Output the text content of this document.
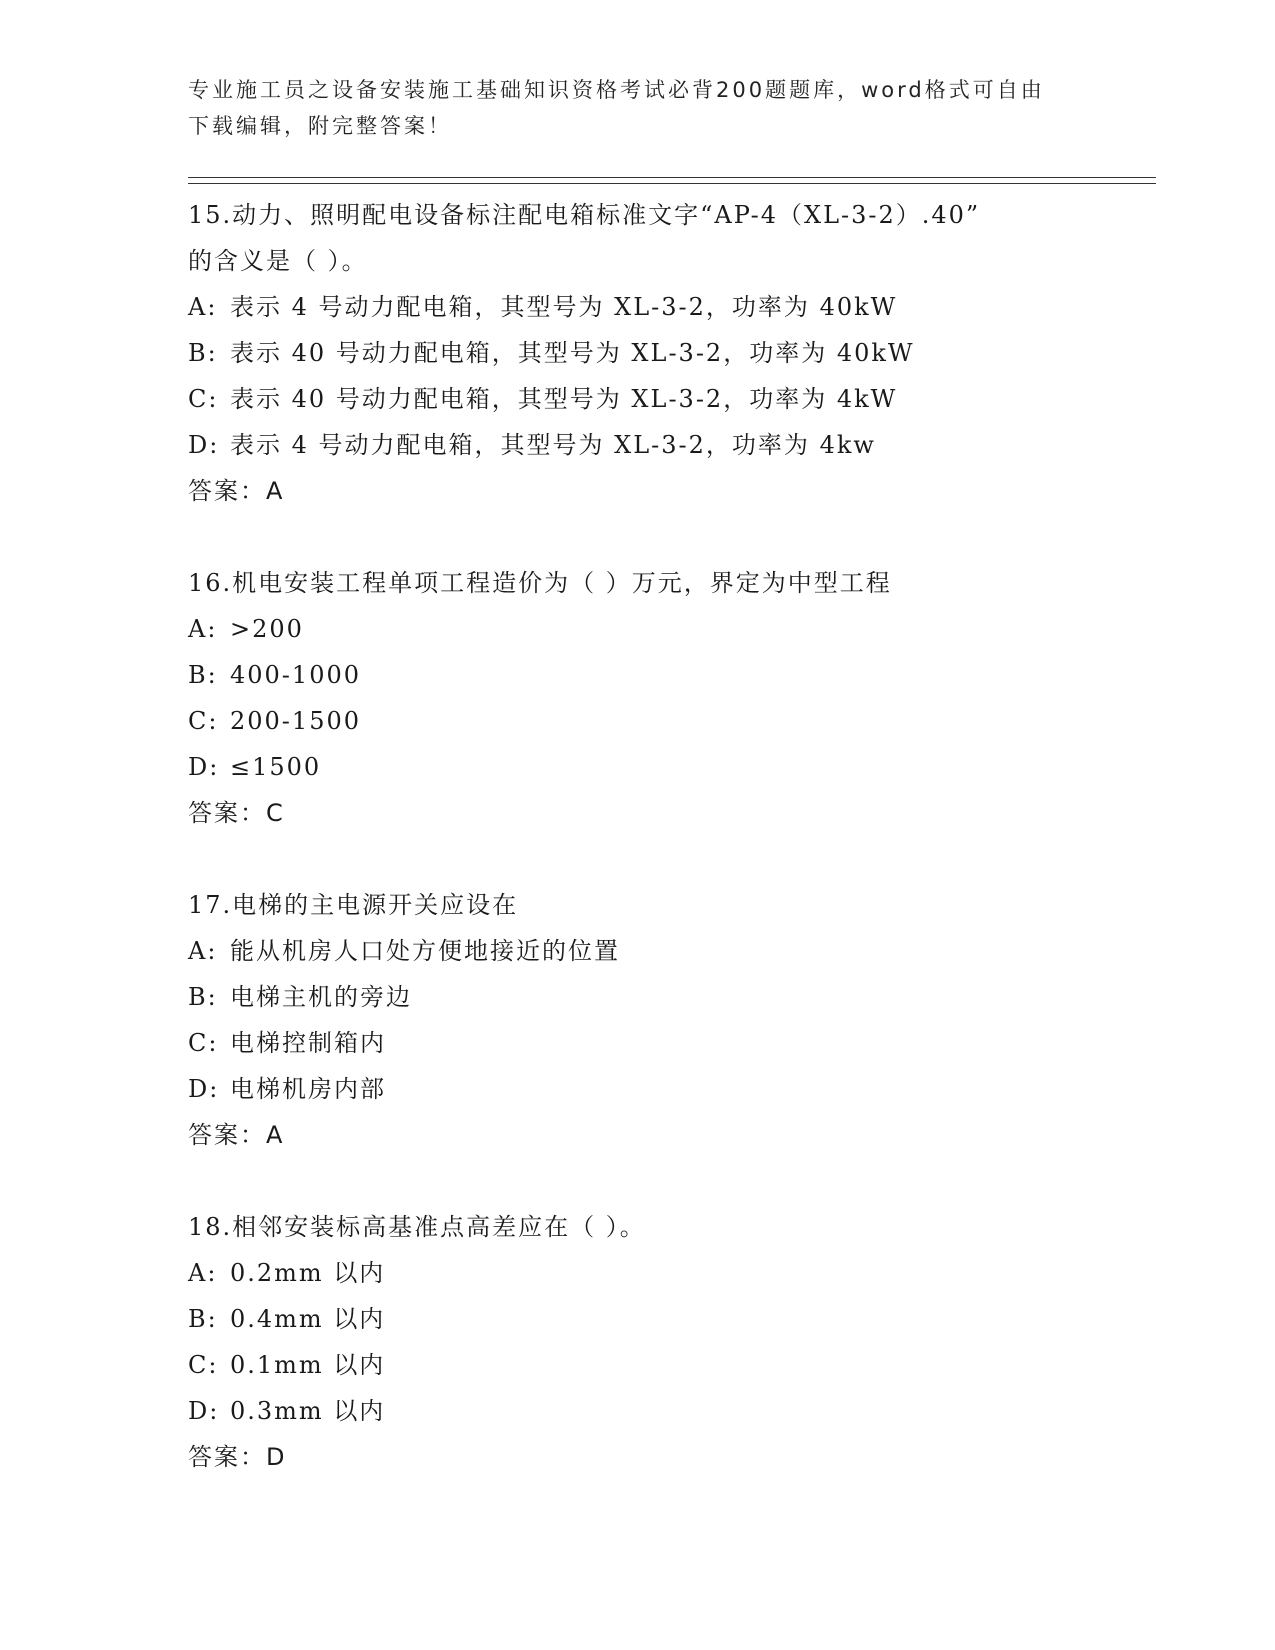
专业施工员之设备安装施工基础知识资格考试必背200题题库，word格式可自由
下载编辑，附完整答案！
15.动力、照明配电设备标注配电箱标准文字“AP-4（XL-3-2）.40”
的含义是（ ）。
A: 表示 4 号动力配电箱，其型号为 XL-3-2，功率为 40kW
B: 表示 40 号动力配电箱，其型号为 XL-3-2，功率为 40kW
C: 表示 40 号动力配电箱，其型号为 XL-3-2，功率为 4kW
D: 表示 4 号动力配电箱，其型号为 XL-3-2，功率为 4kw
答案：A
16.机电安装工程单项工程造价为（ ）万元，界定为中型工程
A: >200
B: 400-1000
C: 200-1500
D: ≤1500
答案：C
17.电梯的主电源开关应设在
A: 能从机房人口处方便地接近的位置
B: 电梯主机的旁边
C: 电梯控制箱内
D: 电梯机房内部
答案：A
18.相邻安装标高基准点高差应在（ ）。
A: 0.2mm 以内
B: 0.4mm 以内
C: 0.1mm 以内
D: 0.3mm 以内
答案：D
